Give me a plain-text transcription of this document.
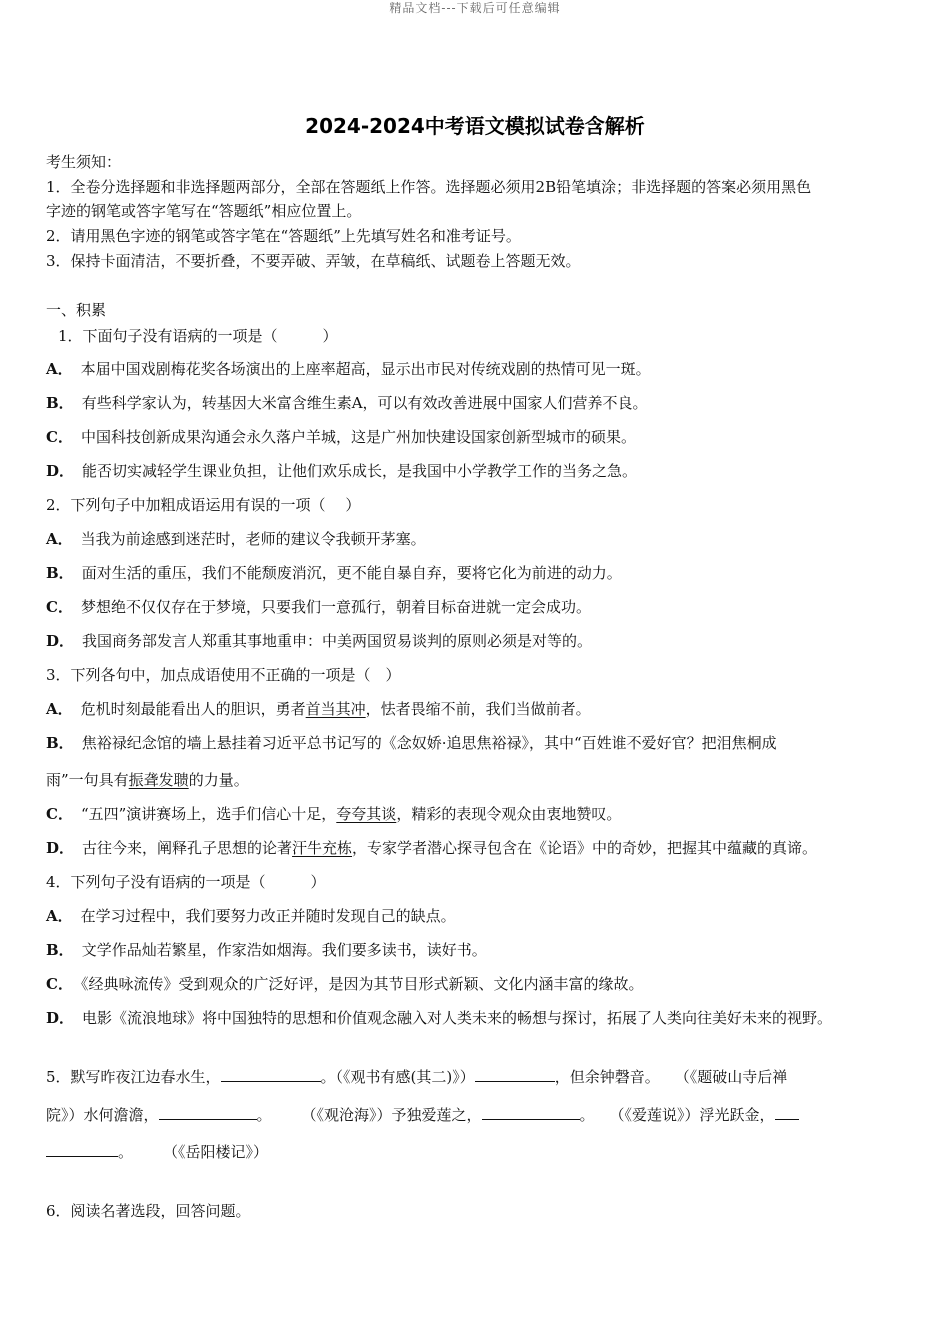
精品文档---下载后可任意编辑
2024-2024中考语文模拟试卷含解析
考生须知：
1．全卷分选择题和非选择题两部分，全部在答题纸上作答。选择题必须用2B铅笔填涂；非选择题的答案必须用黑色
字迹的钢笔或答字笔写在“答题纸”相应位置上。
2．请用黑色字迹的钢笔或答字笔在“答题纸”上先填写姓名和准考证号。
3．保持卡面清洁，不要折叠，不要弄破、弄皱，在草稿纸、试题卷上答题无效。
一、积累
1．下面句子没有语病的一项是（　　　）
A． 本届中国戏剧梅花奖各场演出的上座率超高，显示出市民对传统戏剧的热情可见一斑。
B． 有些科学家认为，转基因大米富含维生素A，可以有效改善进展中国家人们营养不良。
C． 中国科技创新成果沟通会永久落户羊城，这是广州加快建设国家创新型城市的硕果。
D． 能否切实减轻学生课业负担，让他们欢乐成长，是我国中小学教学工作的当务之急。
2．下列句子中加粗成语运用有误的一项（　 ）
A． 当我为前途感到迷茫时，老师的建议令我顿开茅塞。
B． 面对生活的重压，我们不能颓废消沉，更不能自暴自弃，要将它化为前进的动力。
C． 梦想绝不仅仅存在于梦境，只要我们一意孤行，朝着目标奋进就一定会成功。
D． 我国商务部发言人郑重其事地重申：中美两国贸易谈判的原则必须是对等的。
3．下列各句中，加点成语使用不正确的一项是（　）
A． 危机时刻最能看出人的胆识，勇者首当其冲，怯者畏缩不前，我们当做前者。
B． 焦裕禄纪念馆的墙上悬挂着习近平总书记写的《念奴娇·追思焦裕禄》，其中“百姓谁不爱好官？把泪焦桐成
雨”一句具有振聋发聩的力量。
C． “五四”演讲赛场上，选手们信心十足，夸夸其谈，精彩的表现令观众由衷地赞叹。
D． 古往今来，阐释孔子思想的论著汗牛充栋，专家学者潜心探寻包含在《论语》中的奇妙，把握其中蕴藏的真谛。
4．下列句子没有语病的一项是（　　　）
A． 在学习过程中，我们要努力改正并随时发现自己的缺点。
B． 文学作品灿若繁星，作家浩如烟海。我们要多读书，读好书。
C． 《经典咏流传》受到观众的广泛好评，是因为其节目形式新颖、文化内涵丰富的缘故。
D． 电影《流浪地球》将中国独特的思想和价值观念融入对人类未来的畅想与探讨，拓展了人类向往美好未来的视野。
5．默写昨夜江边春水生，	。（《观书有感(其二)》）	，但余钟磬音。　　（《题破山寺后禅
院》）水何澹澹，	。　　　（《观沧海》）予独爱莲之，	。　　（《爱莲说》）浮光跃金，
。　　　（《岳阳楼记》）
6．阅读名著选段，回答问题。
